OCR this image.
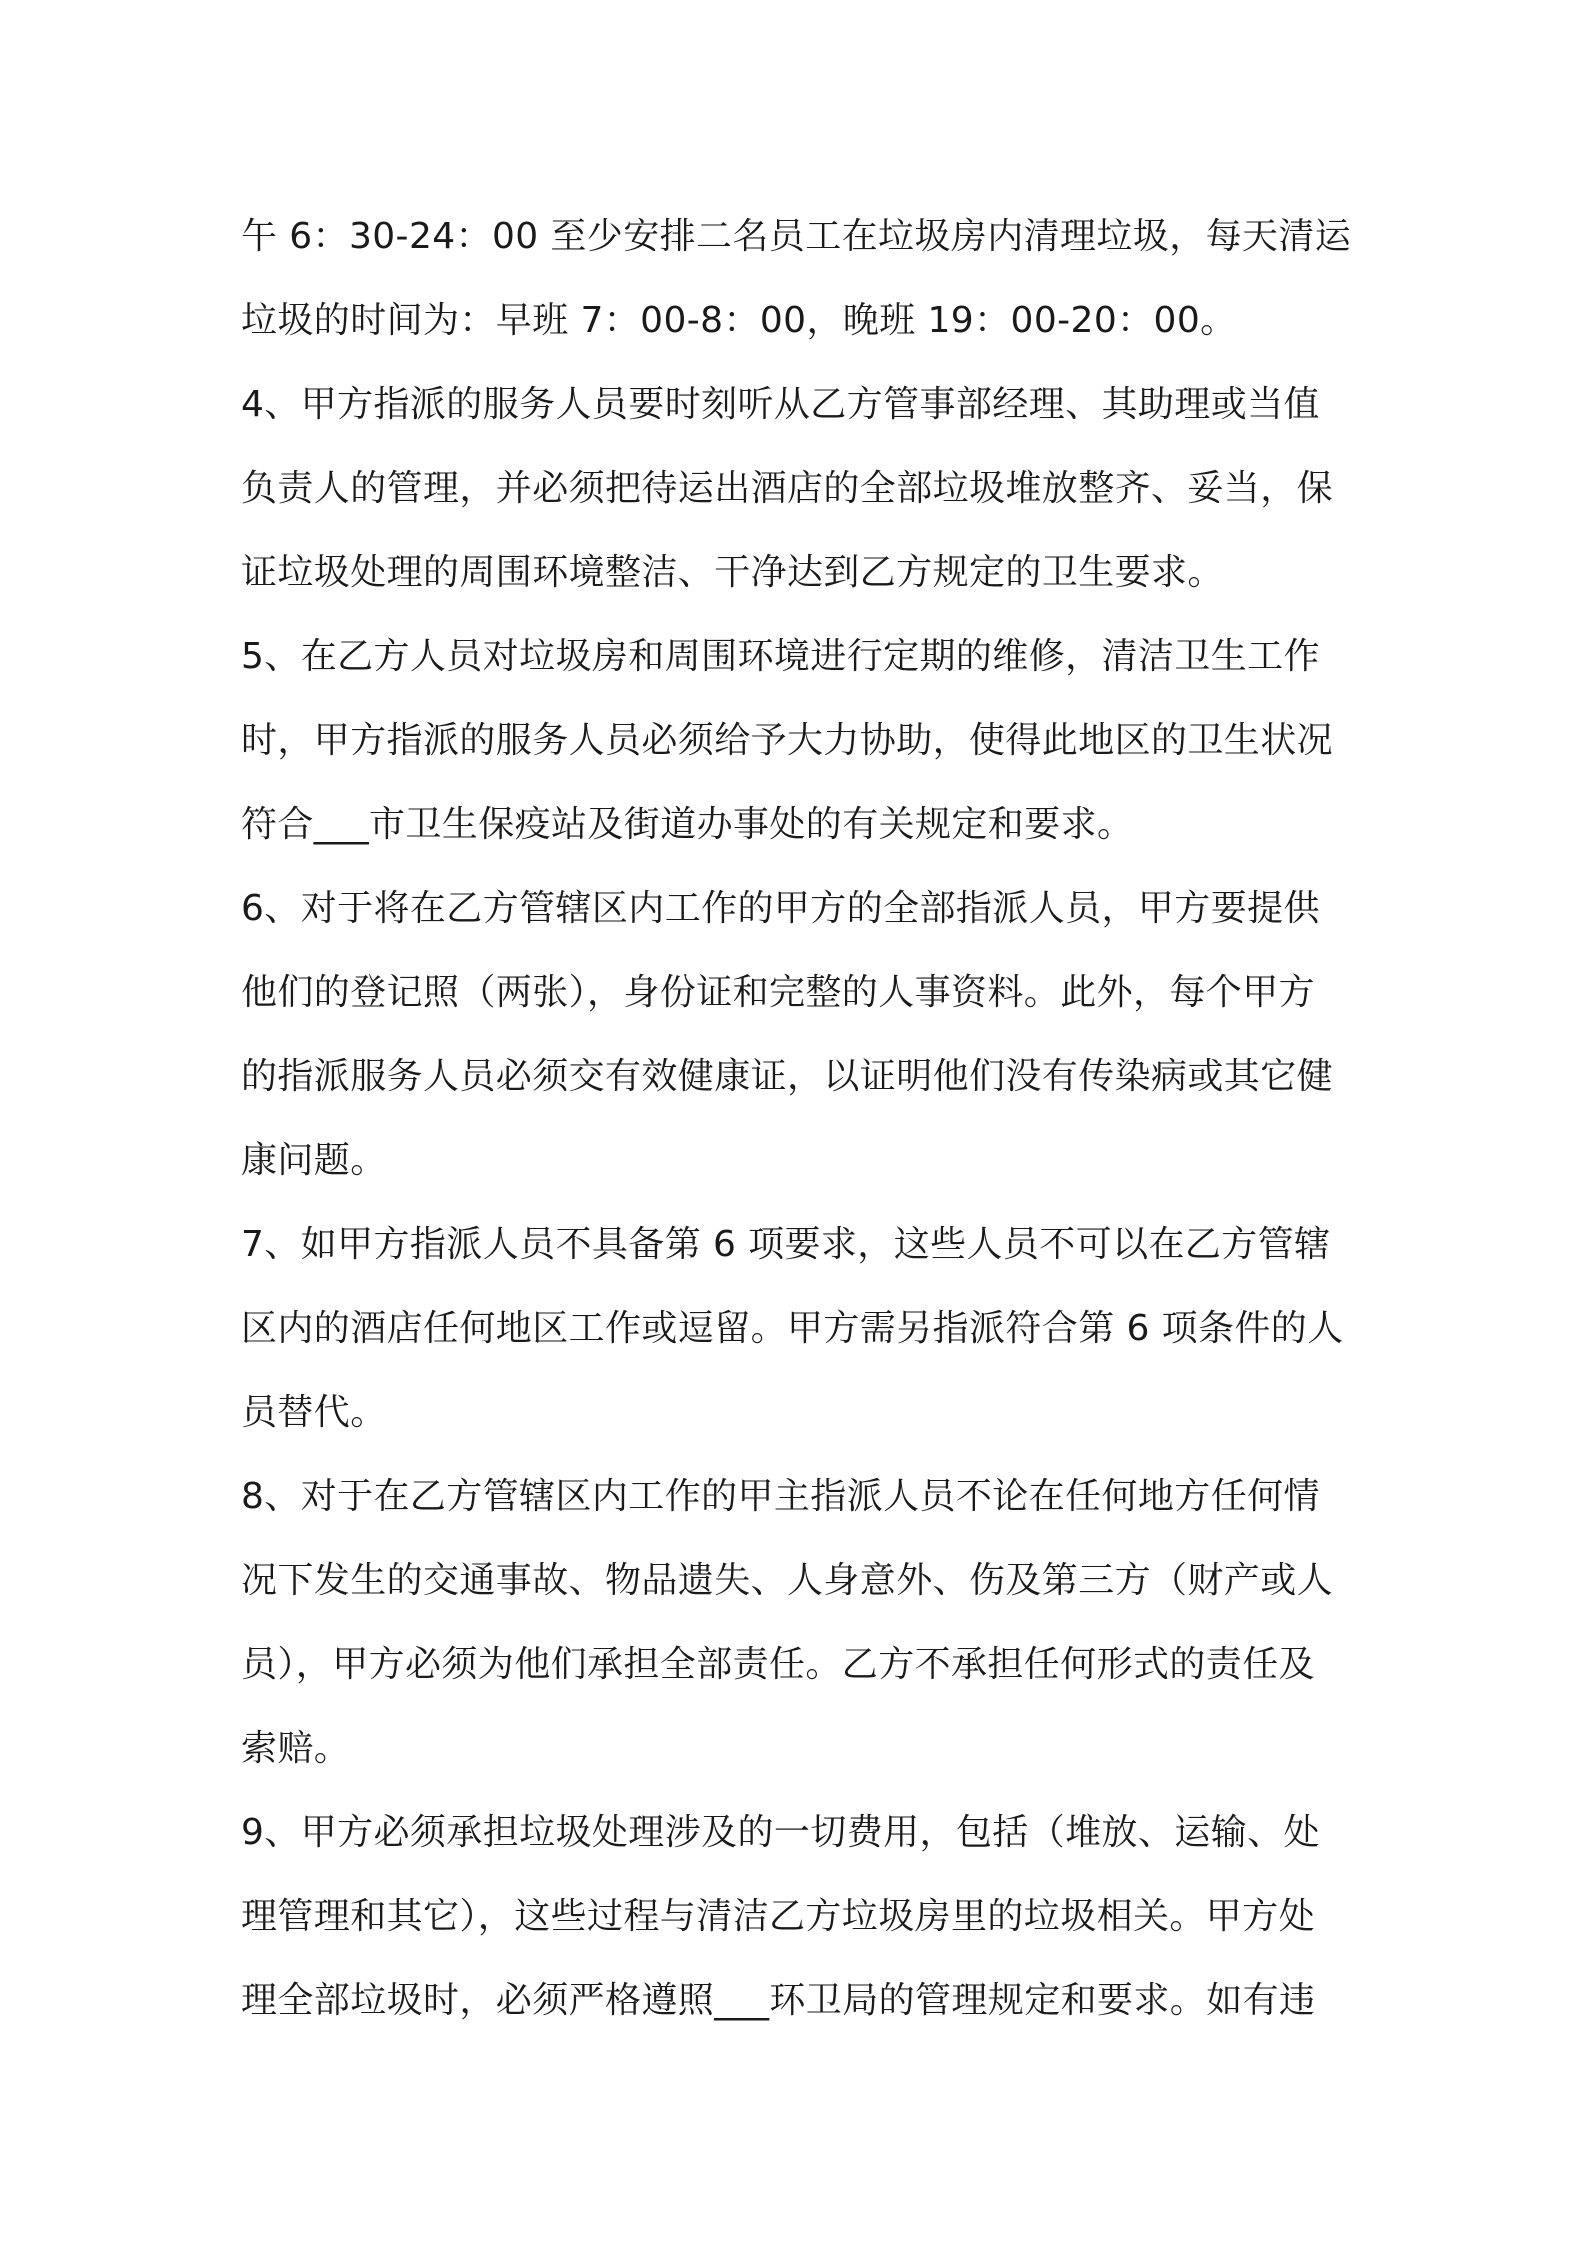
午 6：30-24：00 至少安排二名员工在垃圾房内清理垃圾，每天清运
垃圾的时间为：早班 7：00-8：00，晚班 19：00-20：00。
4、甲方指派的服务人员要时刻听从乙方管事部经理、其助理或当值
负责人的管理，并必须把待运出酒店的全部垃圾堆放整齐、妥当，保
证垃圾处理的周围环境整洁、干净达到乙方规定的卫生要求。
5、在乙方人员对垃圾房和周围环境进行定期的维修，清洁卫生工作
时，甲方指派的服务人员必须给予大力协助，使得此地区的卫生状况
符合___市卫生保疫站及街道办事处的有关规定和要求。
6、对于将在乙方管辖区内工作的甲方的全部指派人员，甲方要提供
他们的登记照（两张），身份证和完整的人事资料。此外，每个甲方
的指派服务人员必须交有效健康证，以证明他们没有传染病或其它健
康问题。
7、如甲方指派人员不具备第 6 项要求，这些人员不可以在乙方管辖
区内的酒店任何地区工作或逗留。甲方需另指派符合第 6 项条件的人
员替代。
8、对于在乙方管辖区内工作的甲主指派人员不论在任何地方任何情
况下发生的交通事故、物品遗失、人身意外、伤及第三方（财产或人
员），甲方必须为他们承担全部责任。乙方不承担任何形式的责任及
索赔。
9、甲方必须承担垃圾处理涉及的一切费用，包括（堆放、运输、处
理管理和其它），这些过程与清洁乙方垃圾房里的垃圾相关。甲方处
理全部垃圾时，必须严格遵照___环卫局的管理规定和要求。如有违
